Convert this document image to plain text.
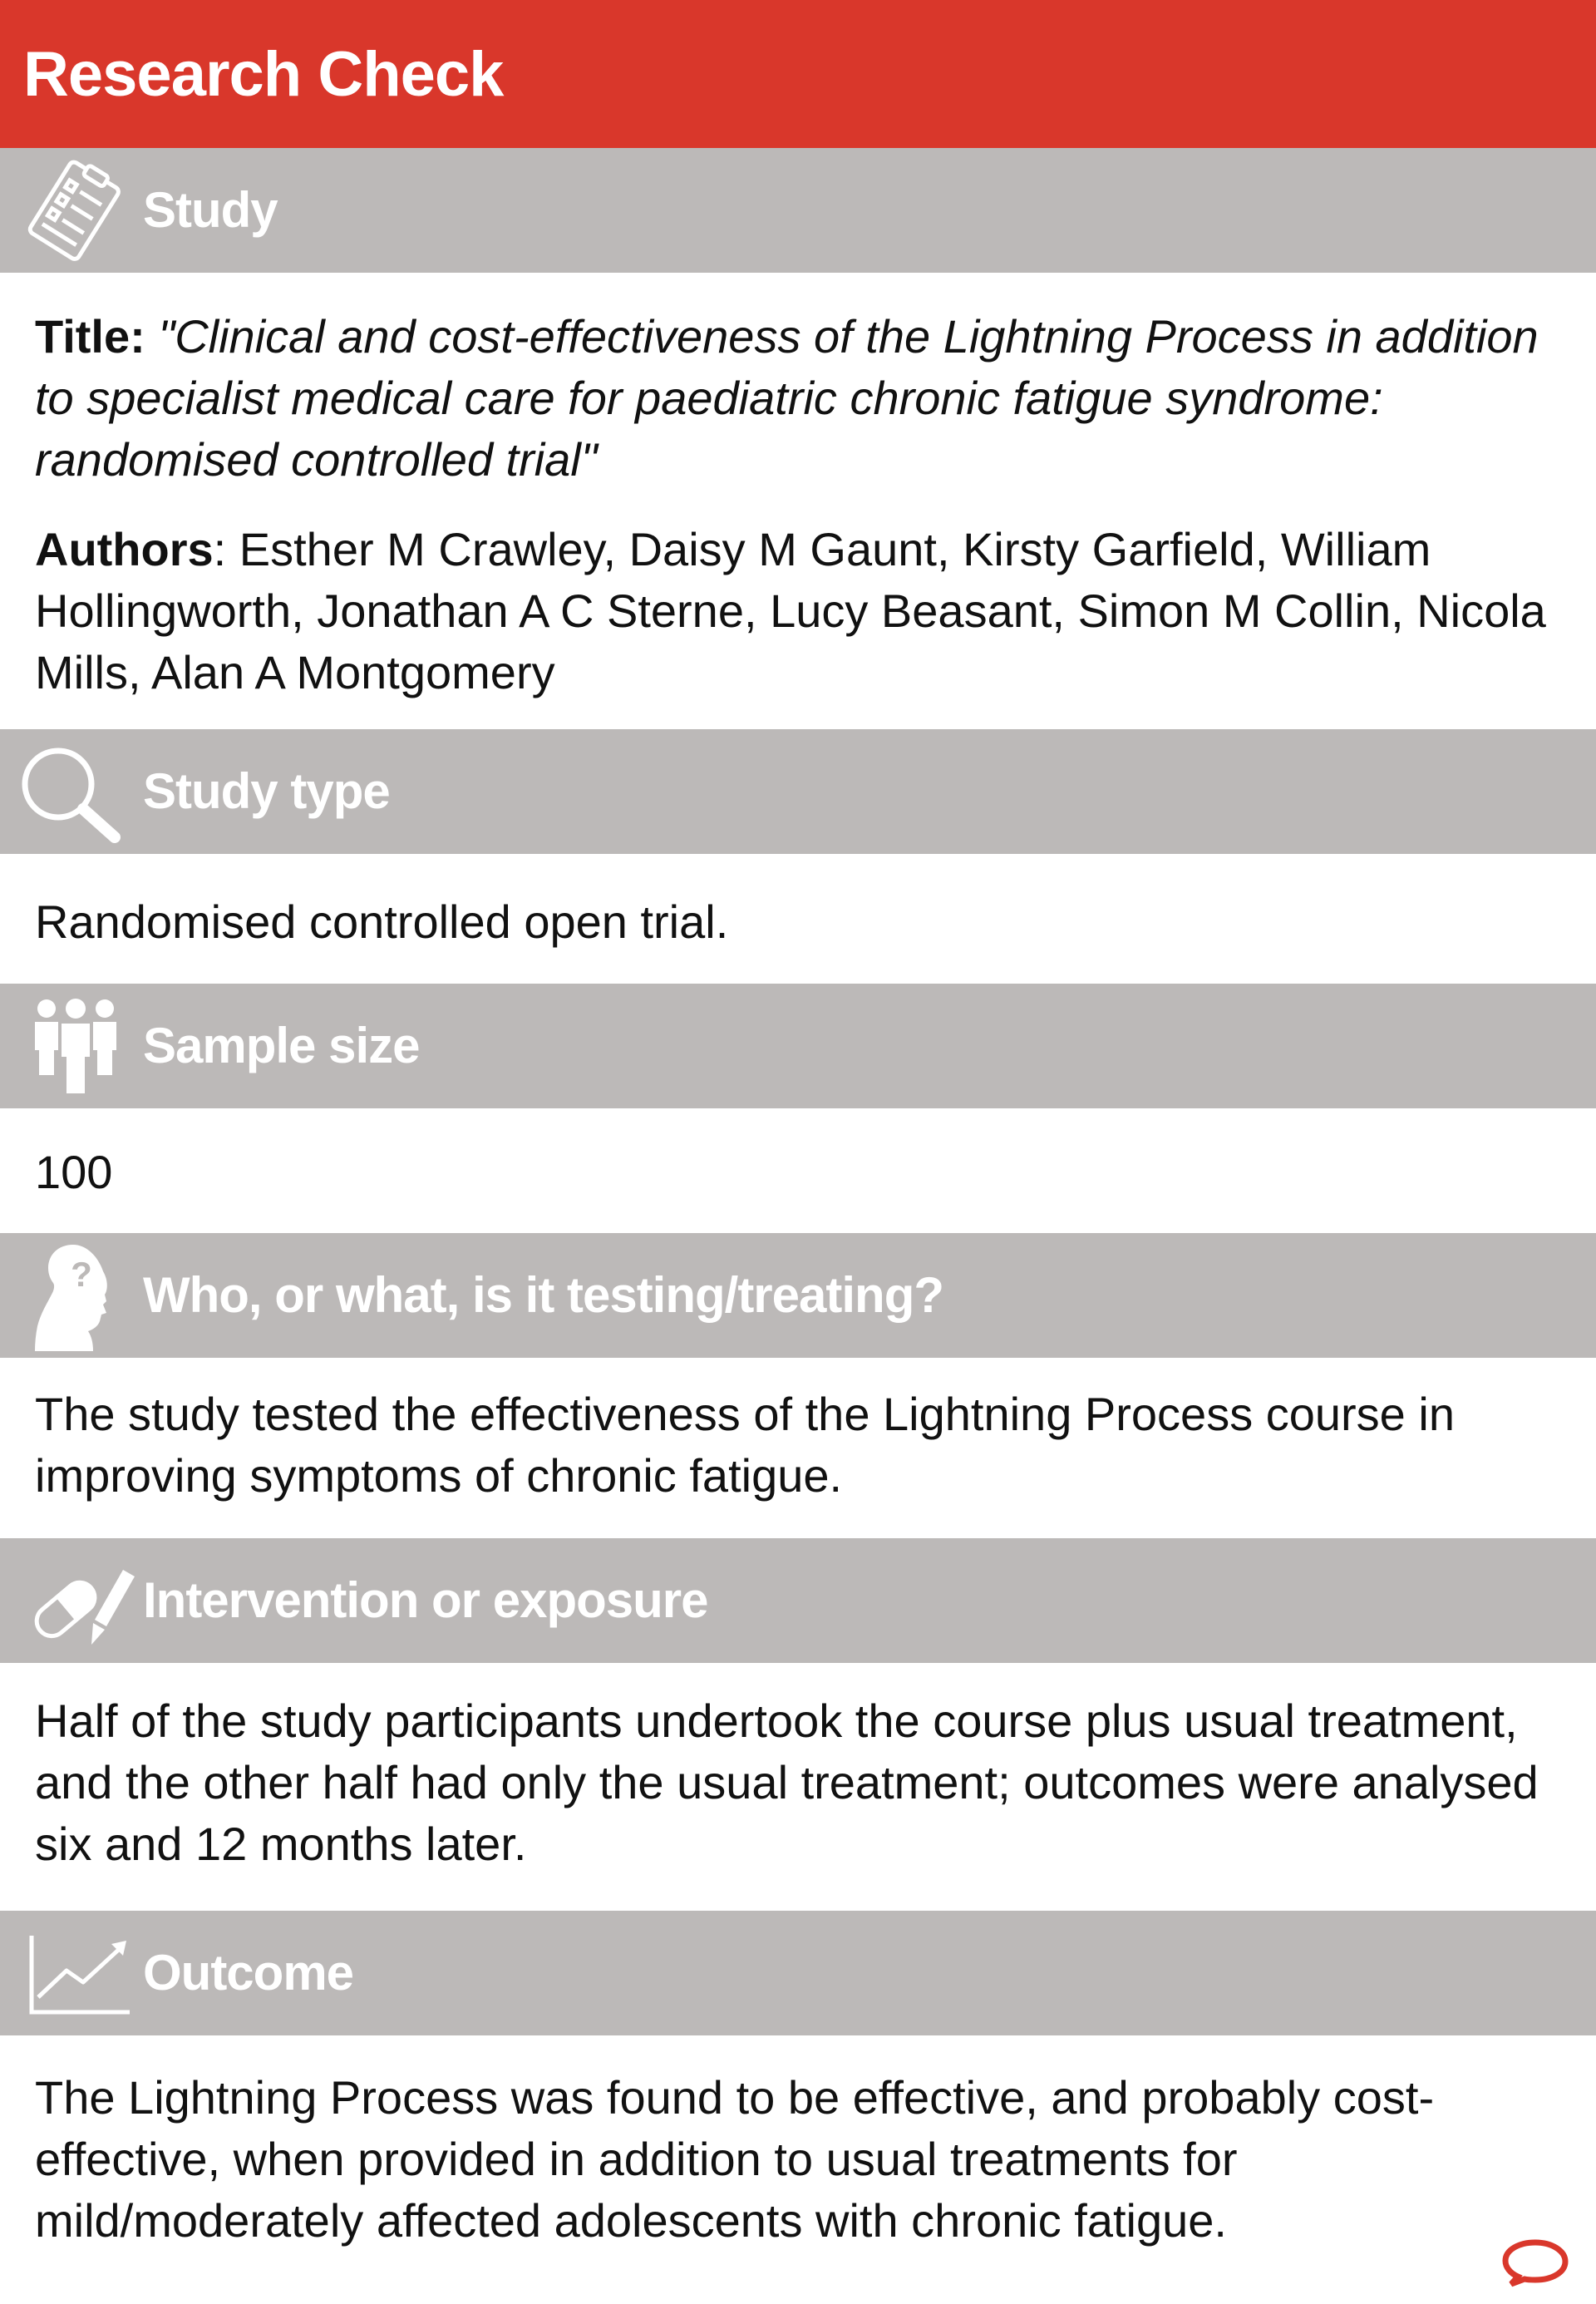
Research Check
Study

Title: "Clinical and cost-effectiveness of the Lightning Process in addition to specialist medical care for paediatric chronic fatigue syndrome: randomised controlled trial"

Authors: Esther M Crawley, Daisy M Gaunt, Kirsty Garfield, William Hollingworth, Jonathan A C Sterne, Lucy Beasant, Simon M Collin, Nicola Mills, Alan A Montgomery

Study type

Randomised controlled open trial.

Sample size

100

? Who, or what, is it testing/treating?

The study tested the effectiveness of the Lightning Process course in improving symptoms of chronic fatigue.

Intervention or exposure

Half of the study participants undertook the course plus usual treatment, and the other half had only the usual treatment; outcomes were analysed six and 12 months later.

Outcome

The Lightning Process was found to be effective, and probably cost-effective, when provided in addition to usual treatments for mild/moderately affected adolescents with chronic fatigue.
